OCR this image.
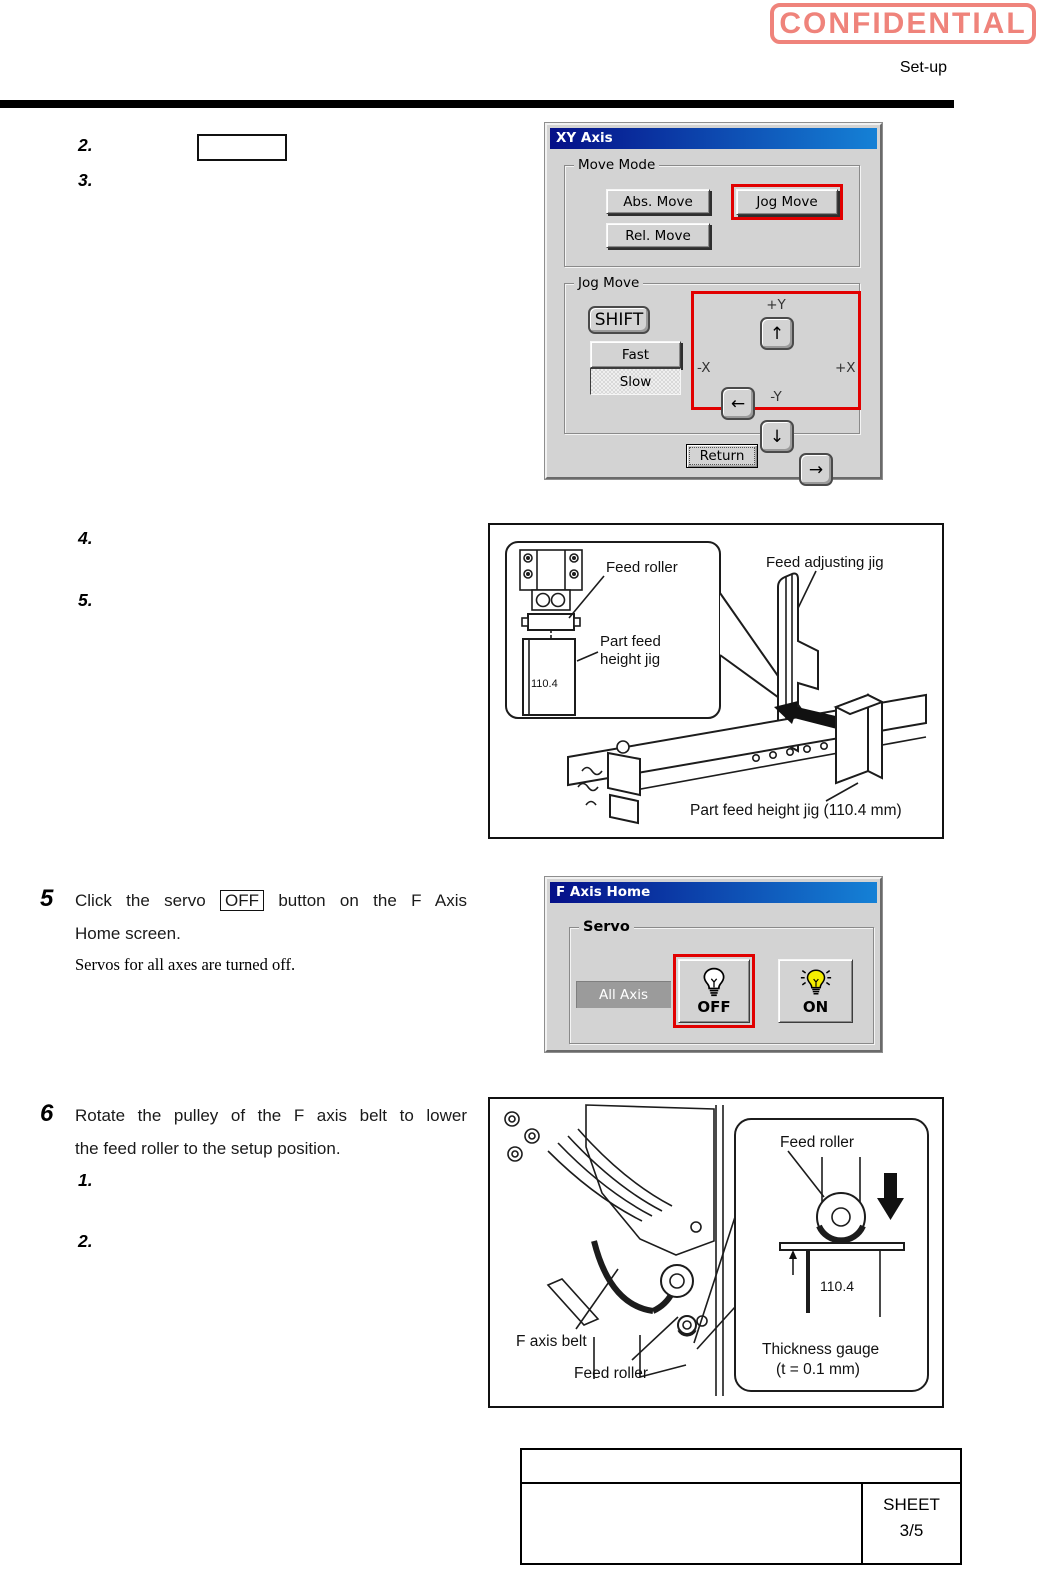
CONFIDENTIAL
Set-up
2.
3.
4.
5.
XY Axis
Move Mode
Abs. Move
Rel. Move
Jog Move
Jog Move
SHIFT
Fast
Slow
+Y
↑
-X
←
↓
→
+X
-Y
Return
Feed roller
Part feed
height jig
110.4
Feed adjusting jig
Part feed height jig (110.4 mm)
5 Click the servo OFF button on the F Axis
Home screen.
Servos for all axes are turned off.
F Axis Home
Servo
All Axis
OFF	ON
6 Rotate the pulley of the F axis belt to lower
the feed roller to the setup position.
1.
2.
Feed roller
110.4
Thickness gauge
(t = 0.1 mm)
F axis belt
Feed roller
SHEET
3/5
